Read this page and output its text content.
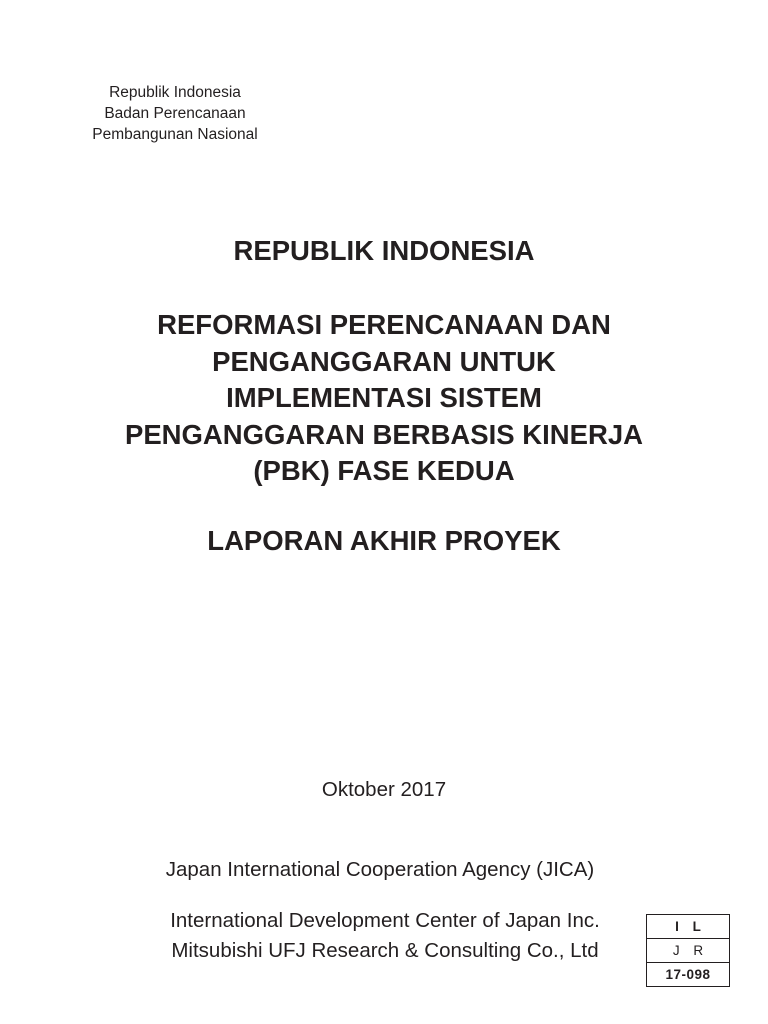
Republik Indonesia
Badan Perencanaan
Pembangunan Nasional
REPUBLIK INDONESIA
REFORMASI PERENCANAAN DAN
PENGANGGARAN UNTUK
IMPLEMENTASI SISTEM
PENGANGGARAN BERBASIS KINERJA
(PBK) FASE KEDUA
LAPORAN AKHIR PROYEK
Oktober 2017
Japan International Cooperation Agency (JICA)
International Development Center of Japan Inc.
Mitsubishi UFJ Research & Consulting Co., Ltd
I L
J R
17-098
